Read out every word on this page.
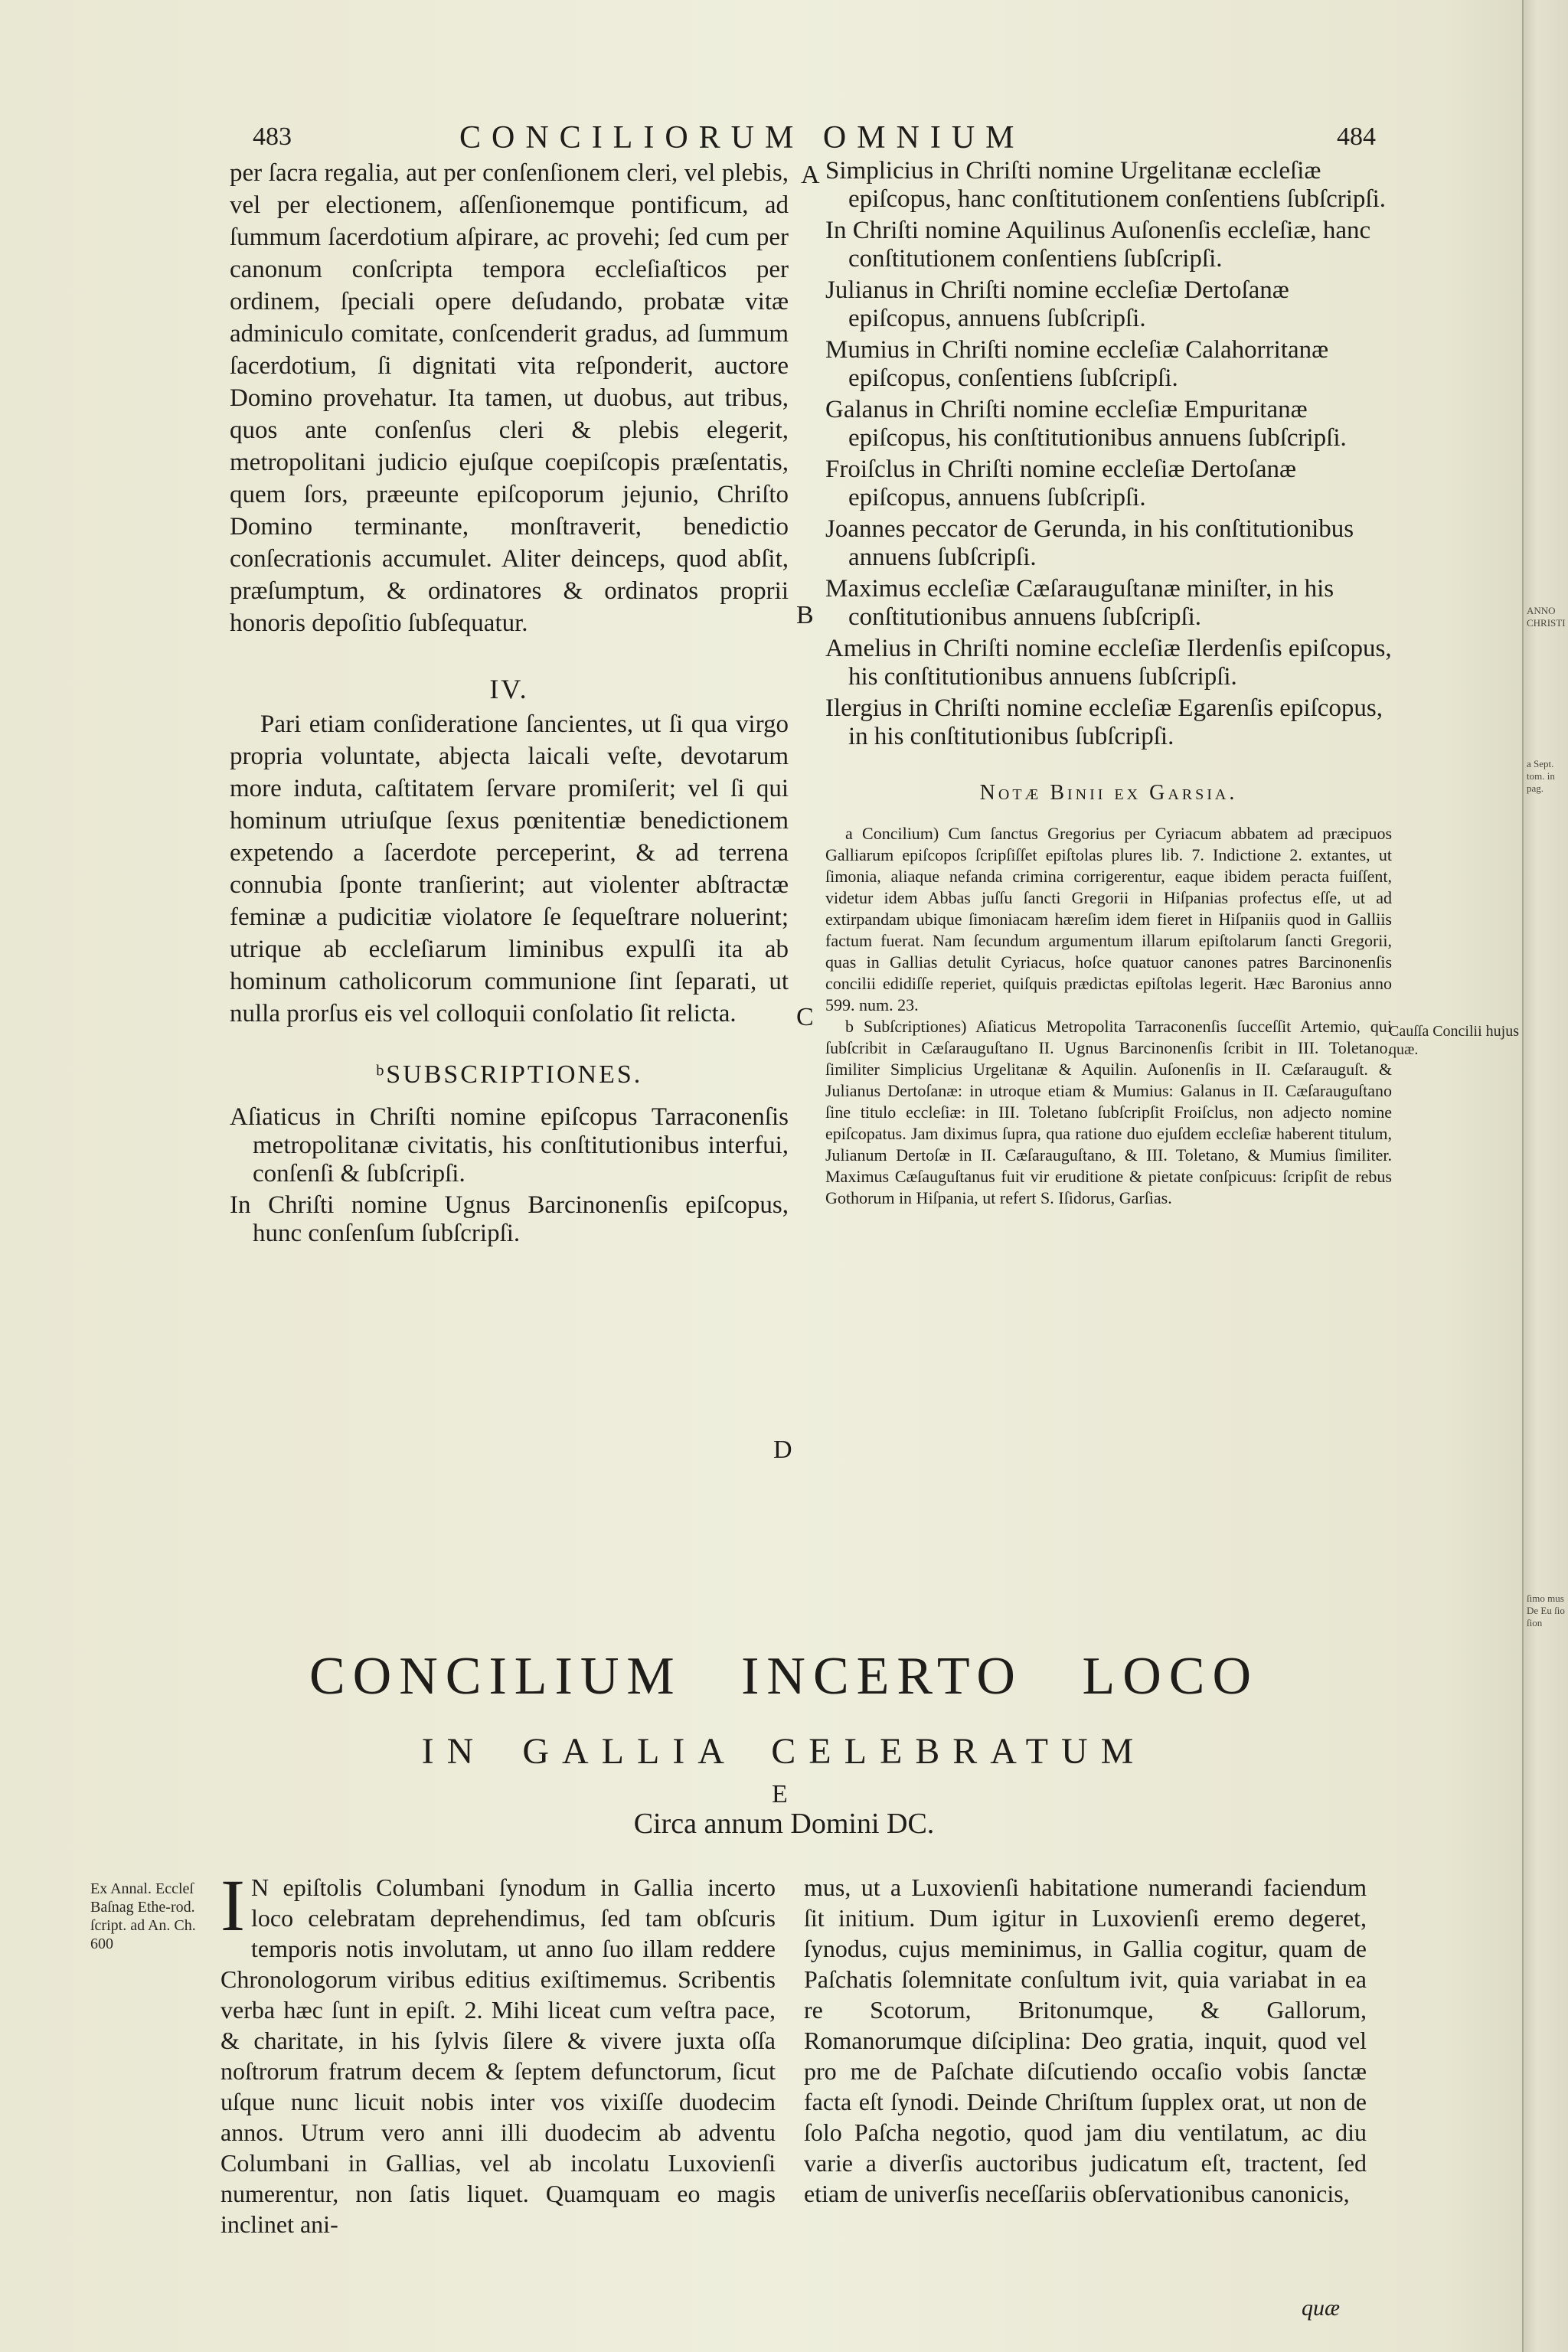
ANNO CHRISTI
a Sept. tom. in pag.
ſimo mus De Eu ſio ſion
483	CONCILIORUM OMNIUM	484

per ſacra regalia, aut per conſenſionem cleri, vel plebis, vel per electionem, aſſenſionemque pontificum, ad ſummum ſacerdotium aſpirare, ac provehi; ſed cum per canonum conſcripta tempora eccleſiaſticos per ordinem, ſpeciali opere deſudando, probatæ vitæ adminiculo comitate, conſcenderit gradus, ad ſummum ſacerdotium, ſi dignitati vita reſponderit, auctore Domino provehatur. Ita tamen, ut duobus, aut tribus, quos ante conſenſus cleri & plebis elegerit, metropolitani judicio ejuſque coepiſcopis præſentatis, quem ſors, præeunte epiſcoporum jejunio, Chriſto Domino terminante, monſtraverit, benedictio conſecrationis accumulet. Aliter deinceps, quod abſit, præſumptum, & ordinatores & ordinatos proprii honoris depoſitio ſubſequatur.

IV.

Pari etiam conſideratione ſancientes, ut ſi qua virgo propria voluntate, abjecta laicali veſte, devotarum more induta, caſtitatem ſervare promiſerit; vel ſi qui hominum utriuſque ſexus pœnitentiæ benedictionem expetendo a ſacerdote perceperint, & ad terrena connubia ſponte tranſierint; aut violenter abſtractæ feminæ a pudicitiæ violatore ſe ſequeſtrare noluerint; utrique ab eccleſiarum liminibus expulſi ita ab hominum catholicorum communione ſint ſeparati, ut nulla prorſus eis vel colloquii conſolatio ſit relicta.

ᵇSUBSCRIPTIONES.

Aſiaticus in Chriſti nomine epiſcopus Tarraconenſis metropolitanæ civitatis, his conſtitutionibus interfui, conſenſi & ſubſcripſi.

In Chriſti nomine Ugnus Barcinonenſis epiſcopus, hunc conſenſum ſubſcripſi.

A
B
C
D
E

Simplicius in Chriſti nomine Urgelitanæ eccleſiæ epiſcopus, hanc conſtitutionem conſentiens ſubſcripſi.

In Chriſti nomine Aquilinus Auſonenſis eccleſiæ, hanc conſtitutionem conſentiens ſubſcripſi.

Julianus in Chriſti nomine eccleſiæ Dertoſanæ epiſcopus, annuens ſubſcripſi.

Mumius in Chriſti nomine eccleſiæ Calahorritanæ epiſcopus, conſentiens ſubſcripſi.

Galanus in Chriſti nomine eccleſiæ Empuritanæ epiſcopus, his conſtitutionibus annuens ſubſcripſi.

Froiſclus in Chriſti nomine eccleſiæ Dertoſanæ epiſcopus, annuens ſubſcripſi.

Joannes peccator de Gerunda, in his conſtitutionibus annuens ſubſcripſi.

Maximus eccleſiæ Cæſarauguſtanæ miniſter, in his conſtitutionibus annuens ſubſcripſi.

Amelius in Chriſti nomine eccleſiæ Ilerdenſis epiſcopus, his conſtitutionibus annuens ſubſcripſi.

Ilergius in Chriſti nomine eccleſiæ Egarenſis epiſcopus, in his conſtitutionibus ſubſcripſi.

Notæ Binii ex Garsia.

a Concilium) Cum ſanctus Gregorius per Cyriacum abbatem ad præcipuos Galliarum epiſcopos ſcripſiſſet epiſtolas plures lib. 7. Indictione 2. extantes, ut ſimonia, aliaque nefanda crimina corrigerentur, eaque ibidem peracta fuiſſent, videtur idem Abbas juſſu ſancti Gregorii in Hiſpanias profectus eſſe, ut ad extirpandam ubique ſimoniacam hæreſim idem fieret in Hiſpaniis quod in Galliis factum fuerat. Nam ſecundum argumentum illarum epiſtolarum ſancti Gregorii, quas in Gallias detulit Cyriacus, hoſce quatuor canones patres Barcinonenſis concilii edidiſſe reperiet, quiſquis prædictas epiſtolas legerit. Hæc Baronius anno 599. num. 23.

b Subſcriptiones) Aſiaticus Metropolita Tarraconenſis ſucceſſit Artemio, qui ſubſcribit in Cæſarauguſtano II. Ugnus Barcinonenſis ſcribit in III. Toletano, ſimiliter Simplicius Urgelitanæ & Aquilin. Auſonenſis in II. Cæſarauguſt. & Julianus Dertoſanæ: in utroque etiam & Mumius: Galanus in II. Cæſarauguſtano ſine titulo eccleſiæ: in III. Toletano ſubſcripſit Froiſclus, non adjecto nomine epiſcopatus. Jam diximus ſupra, qua ratione duo ejuſdem eccleſiæ haberent titulum, Julianum Dertoſæ in II. Cæſarauguſtano, & III. Toletano, & Mumius ſimiliter. Maximus Cæſauguſtanus fuit vir eruditione & pietate conſpicuus: ſcripſit de rebus Gothorum in Hiſpania, ut refert S. Iſidorus, Garſias.

Cauſſa Concilii hujus quæ.
CONCILIUM INCERTO LOCO
IN GALLIA CELEBRATUM
Circa annum Domini DC.
Ex Annal. Eccleſ Baſnag Ethe-rod. ſcript. ad An. Ch. 600	I N epiſtolis Columbani ſynodum in Gallia incerto loco celebratam deprehendimus, ſed tam obſcuris temporis notis involutam, ut anno ſuo illam reddere Chronologorum viribus editius exiſtimemus. Scribentis verba hæc ſunt in epiſt. 2. Mihi liceat cum veſtra pace, & charitate, in his ſylvis ſilere & vivere juxta oſſa noſtrorum fratrum decem & ſeptem defunctorum, ſicut uſque nunc licuit nobis inter vos vixiſſe duodecim annos. Utrum vero anni illi duodecim ab adventu Columbani in Gallias, vel ab incolatu Luxovienſi numerentur, non ſatis liquet. Quamquam eo magis inclinet ani-
mus, ut a Luxovienſi habitatione numerandi faciendum ſit initium. Dum igitur in Luxovienſi eremo degeret, ſynodus, cujus meminimus, in Gallia cogitur, quam de Paſchatis ſolemnitate conſultum ivit, quia variabat in ea re Scotorum, Britonumque, & Gallorum, Romanorumque diſciplina: Deo gratia, inquit, quod vel pro me de Paſchate diſcutiendo occaſio vobis ſanctæ facta eſt ſynodi. Deinde Chriſtum ſupplex orat, ut non de ſolo Paſcha negotio, quod jam diu ventilatum, ac diu varie a diverſis auctoribus judicatum eſt, tractent, ſed etiam de univerſis neceſſariis obſervationibus canonicis,
quæ
